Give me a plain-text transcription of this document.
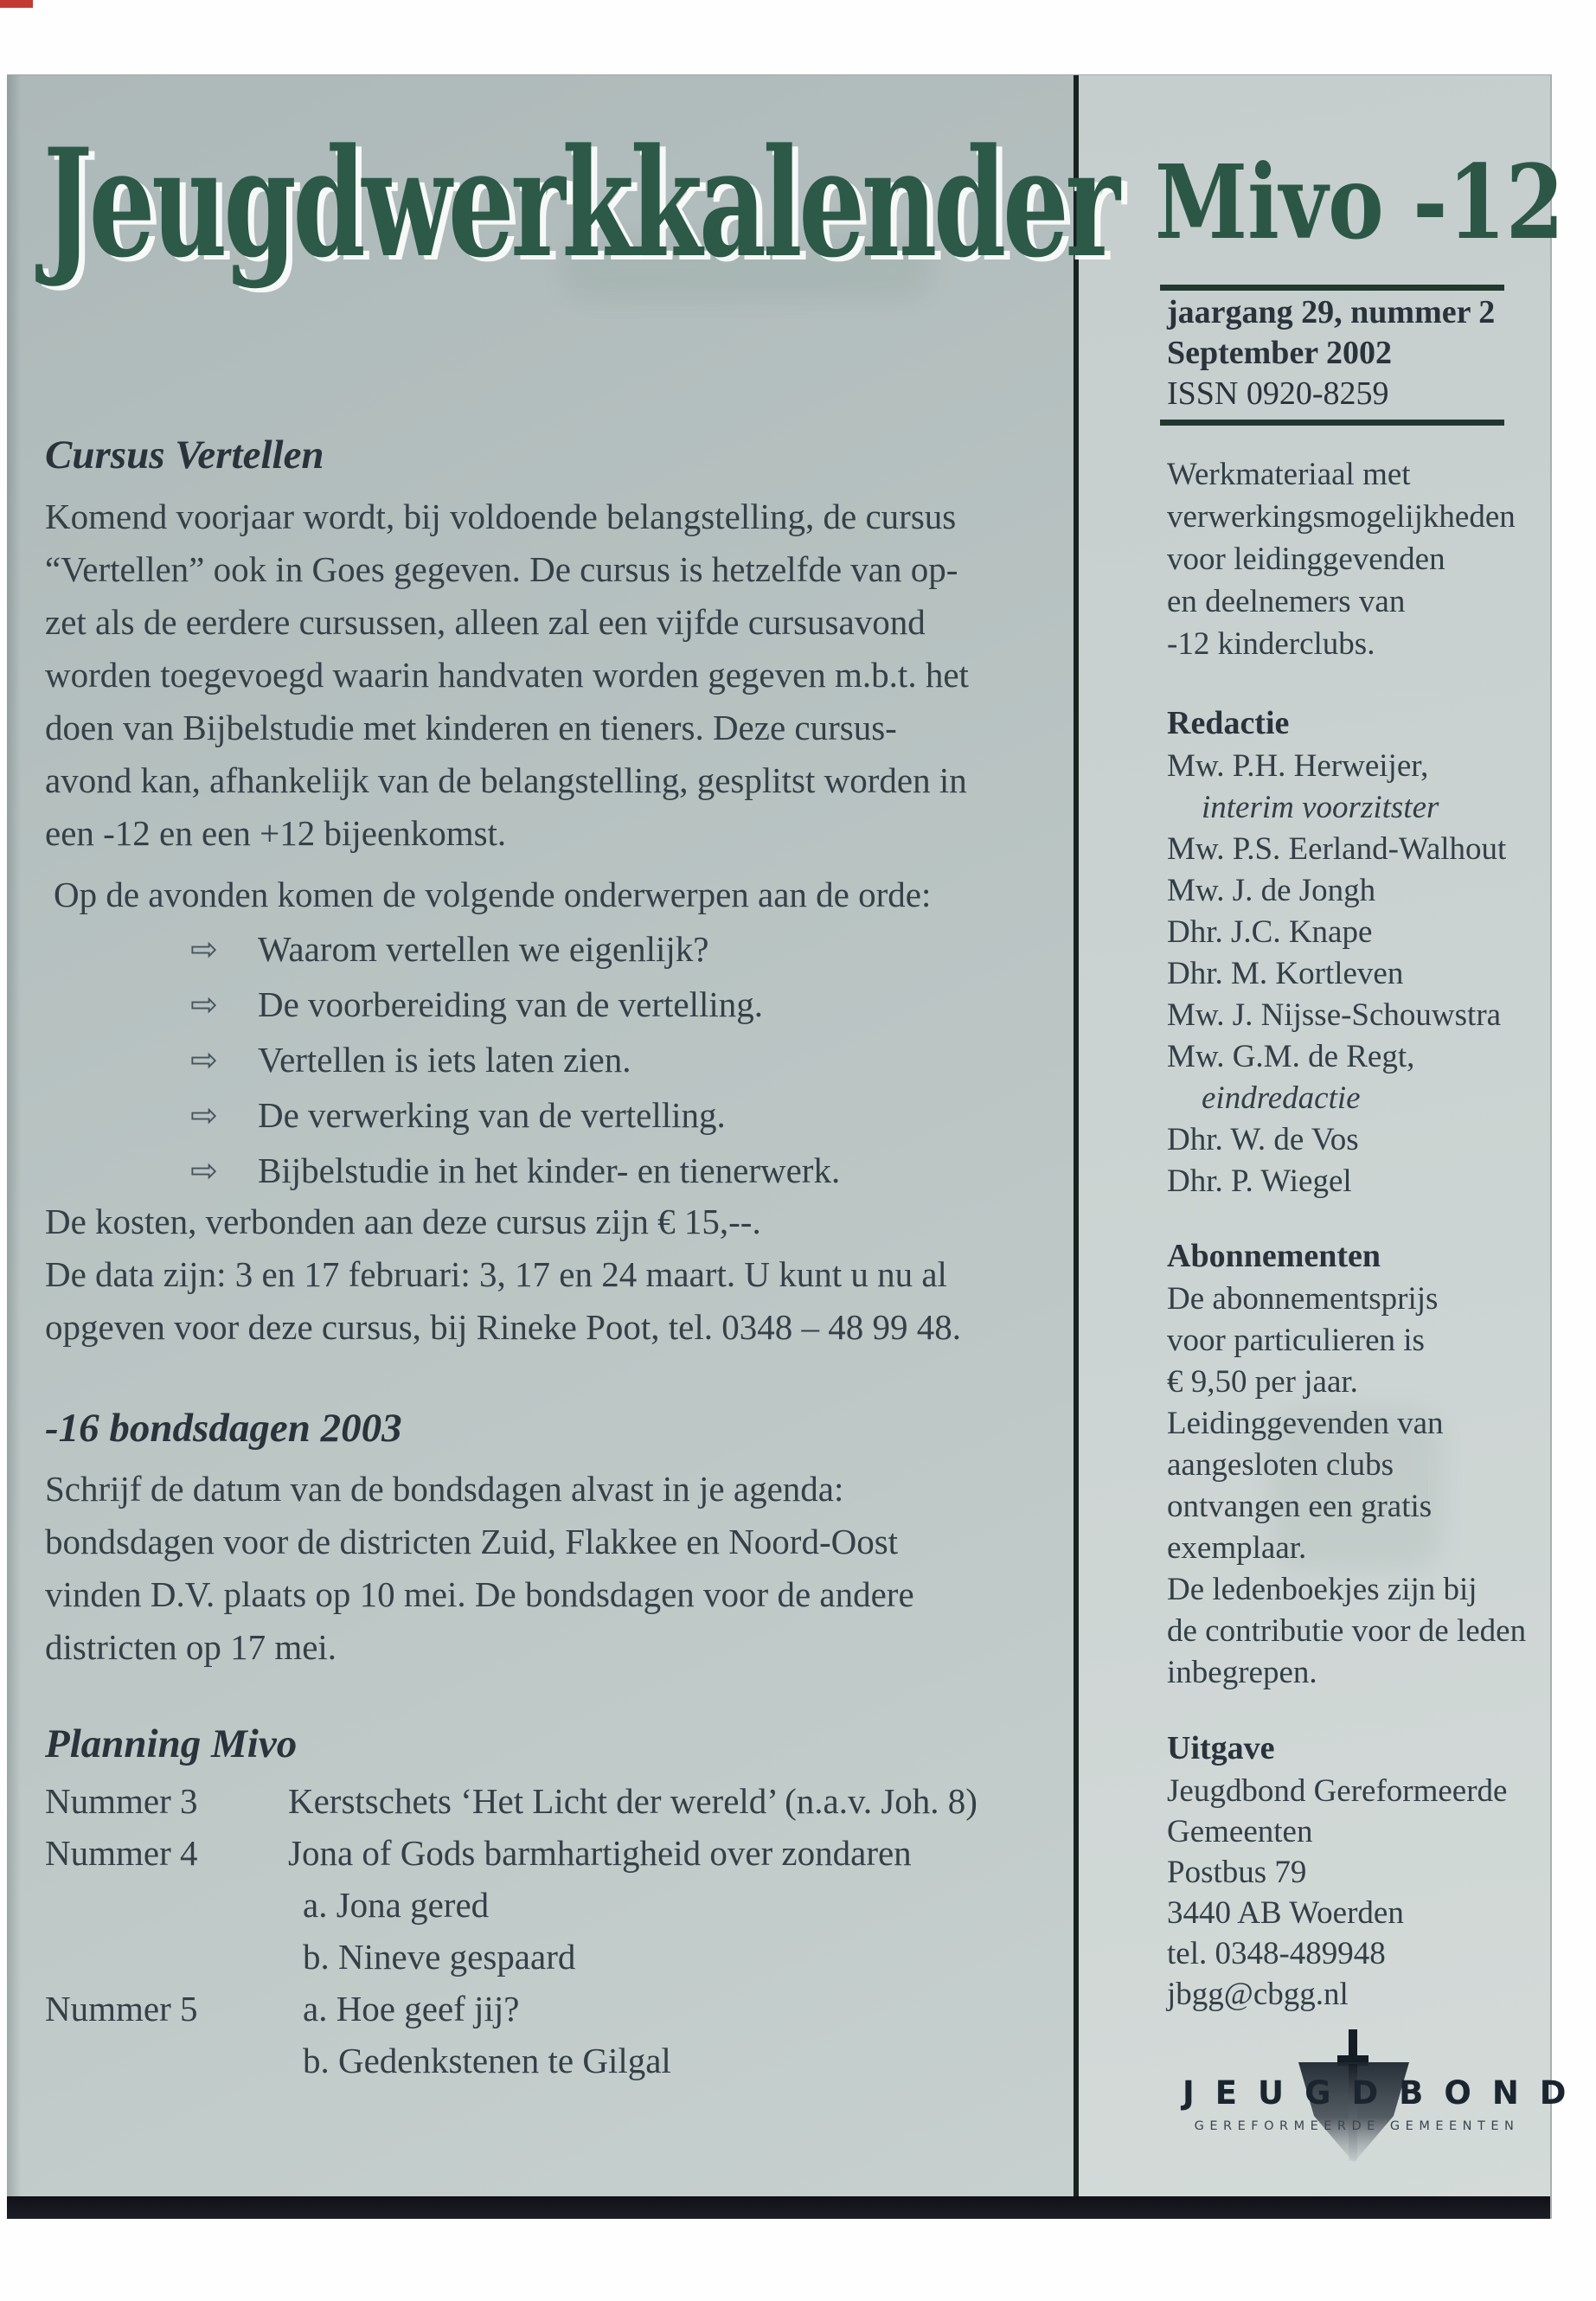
Jeugdwerkkalender
Cursus Vertellen
Komend voorjaar wordt, bij voldoende belangstelling, de cursus
“Vertellen” ook in Goes gegeven. De cursus is hetzelfde van op-
zet als de eerdere cursussen, alleen zal een vijfde cursusavond
worden toegevoegd waarin handvaten worden gegeven m.b.t. het
doen van Bijbelstudie met kinderen en tieners. Deze cursus-
avond kan, afhankelijk van de belangstelling, gesplitst worden in
een -12 en een +12 bijeenkomst.
Op de avonden komen de volgende onderwerpen aan de orde:
⇨ Waarom vertellen we eigenlijk?
⇨ De voorbereiding van de vertelling.
⇨ Vertellen is iets laten zien.
⇨ De verwerking van de vertelling.
⇨ Bijbelstudie in het kinder- en tienerwerk.
De kosten, verbonden aan deze cursus zijn € 15,--.
De data zijn: 3 en 17 februari: 3, 17 en 24 maart. U kunt u nu al
opgeven voor deze cursus, bij Rineke Poot, tel. 0348 – 48 99 48.
-16 bondsdagen 2003
Schrijf de datum van de bondsdagen alvast in je agenda:
bondsdagen voor de districten Zuid, Flakkee en Noord-Oost
vinden D.V. plaats op 10 mei. De bondsdagen voor de andere
districten op 17 mei.
Planning Mivo
Nummer 3	Kerstschets ‘Het Licht der wereld’ (n.a.v. Joh. 8)
Nummer 4	Jona of Gods barmhartigheid over zondaren
a. Jona gered
b. Nineve gespaard
Nummer 5	a. Hoe geef jij?
b. Gedenkstenen te Gilgal
Mivo -12
jaargang 29, nummer 2
September 2002
ISSN 0920-8259
Werkmateriaal met
verwerkingsmogelijkheden
voor leidinggevenden
en deelnemers van
-12 kinderclubs.
Redactie
Mw. P.H. Herweijer,
interim voorzitster
Mw. P.S. Eerland-Walhout
Mw. J. de Jongh
Dhr. J.C. Knape
Dhr. M. Kortleven
Mw. J. Nijsse-Schouwstra
Mw. G.M. de Regt,
eindredactie
Dhr. W. de Vos
Dhr. P. Wiegel
Abonnementen
De abonnementsprijs
voor particulieren is
€ 9,50 per jaar.
Leidinggevenden van
aangesloten clubs
ontvangen een gratis
exemplaar.
De ledenboekjes zijn bij
de contributie voor de leden
inbegrepen.
Uitgave
Jeugdbond Gereformeerde
Gemeenten
Postbus 79
3440 AB Woerden
tel. 0348-489948
jbgg@cbgg.nl
JEUGDBOND
GEREFORMEERDE GEMEENTEN
